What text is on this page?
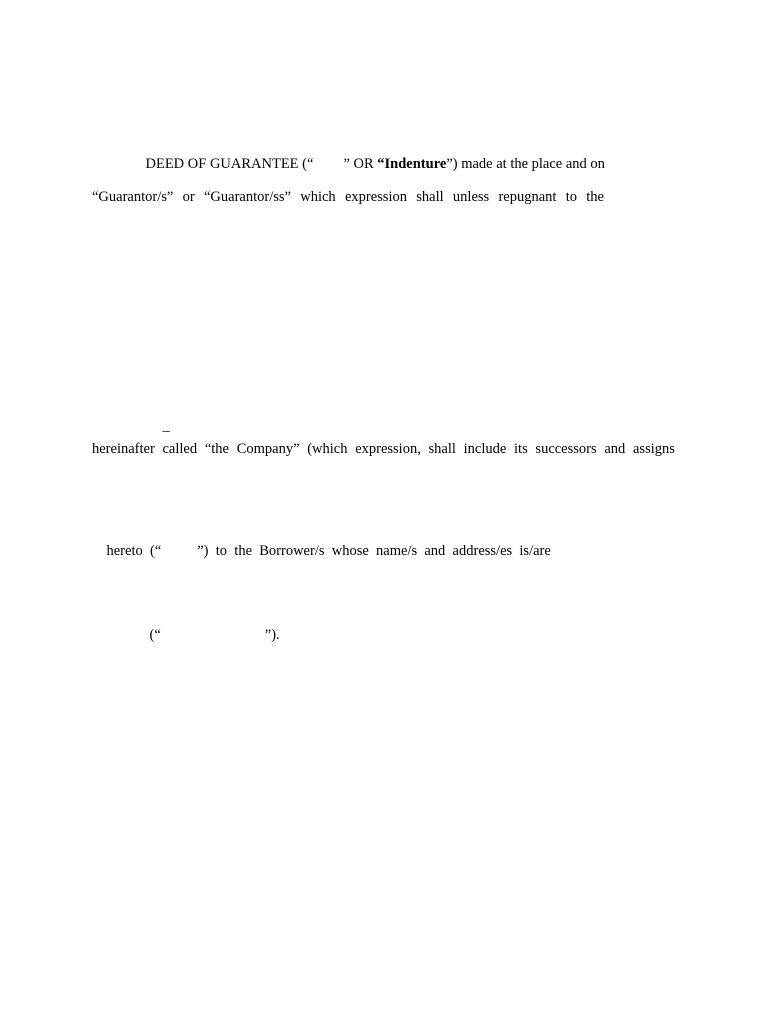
DEED OF GUARANTEE (“ ” OR “Indenture”) made at the place and on

“Guarantor/s” or “Guarantor/ss” which expression shall unless repugnant to the

–

hereinafter called “the Company” (which expression, shall include its successors and assigns

hereto  (“ ”)  to  the  Borrower/s  whose  name/s  and  address/es  is/are

(“	”).
